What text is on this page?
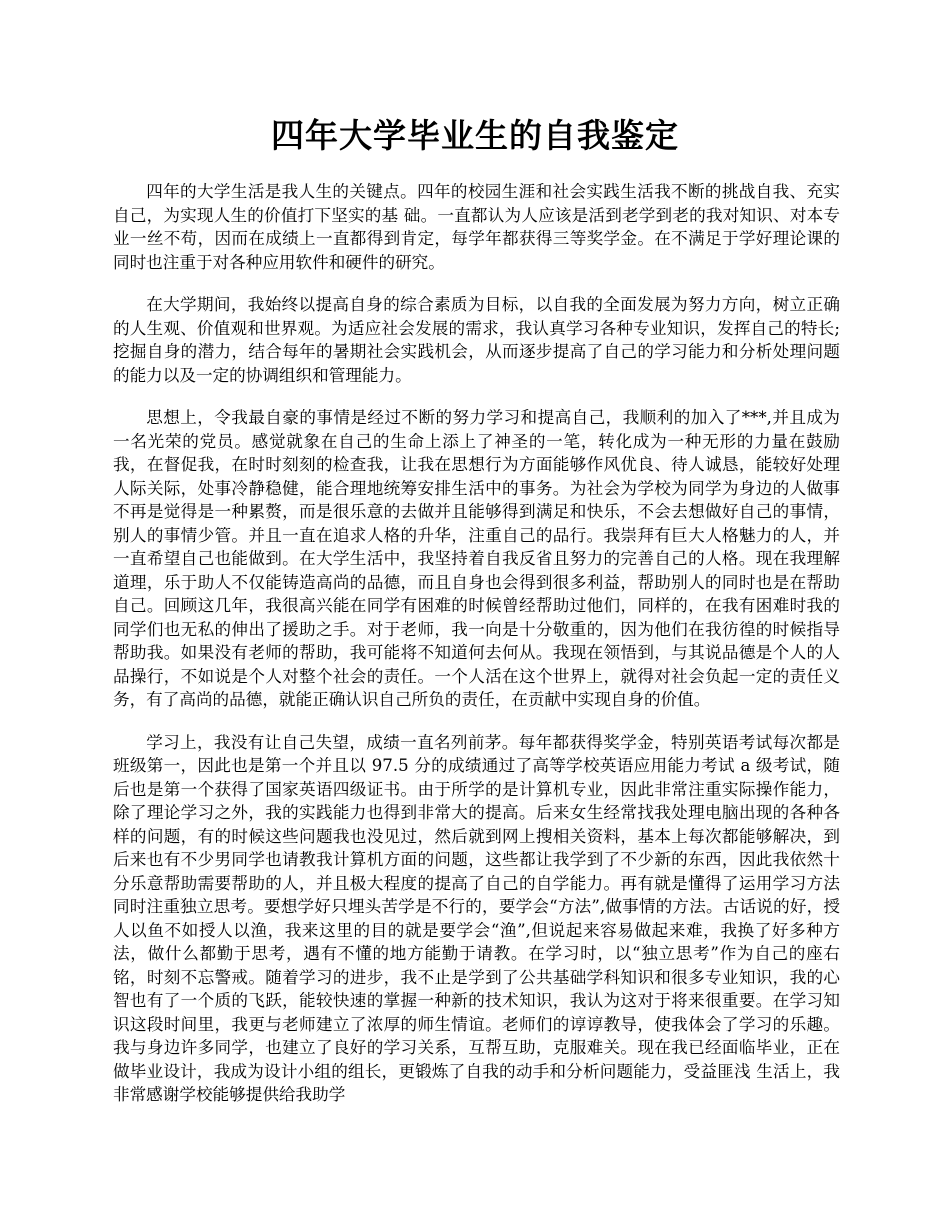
四年大学毕业生的自我鉴定

四年的大学生活是我人生的关键点。四年的校园生涯和社会实践生活我不断的挑战自我、充实自己，为实现人生的价值打下坚实的基 础。一直都认为人应该是活到老学到老的我对知识、对本专业一丝不苟，因而在成绩上一直都得到肯定，每学年都获得三等奖学金。在不满足于学好理论课的同时也注重于对各种应用软件和硬件的研究。

在大学期间，我始终以提高自身的综合素质为目标，以自我的全面发展为努力方向，树立正确的人生观、价值观和世界观。为适应社会发展的需求，我认真学习各种专业知识，发挥自己的特长;挖掘自身的潜力，结合每年的暑期社会实践机会，从而逐步提高了自己的学习能力和分析处理问题的能力以及一定的协调组织和管理能力。

思想上，令我最自豪的事情是经过不断的努力学习和提高自己，我顺利的加入了***,并且成为一名光荣的党员。感觉就象在自己的生命上添上了神圣的一笔，转化成为一种无形的力量在鼓励我，在督促我，在时时刻刻的检查我，让我在思想行为方面能够作风优良、待人诚恳，能较好处理人际关际，处事冷静稳健，能合理地统筹安排生活中的事务。为社会为学校为同学为身边的人做事不再是觉得是一种累赘，而是很乐意的去做并且能够得到满足和快乐，不会去想做好自己的事情，别人的事情少管。并且一直在追求人格的升华，注重自己的品行。我崇拜有巨大人格魅力的人，并一直希望自己也能做到。在大学生活中，我坚持着自我反省且努力的完善自己的人格。现在我理解道理，乐于助人不仅能铸造高尚的品德，而且自身也会得到很多利益，帮助别人的同时也是在帮助自己。回顾这几年，我很高兴能在同学有困难的时候曾经帮助过他们，同样的，在我有困难时我的同学们也无私的伸出了援助之手。对于老师，我一向是十分敬重的，因为他们在我彷徨的时候指导帮助我。如果没有老师的帮助，我可能将不知道何去何从。我现在领悟到，与其说品德是个人的人品操行，不如说是个人对整个社会的责任。一个人活在这个世界上，就得对社会负起一定的责任义务，有了高尚的品德，就能正确认识自己所负的责任，在贡献中实现自身的价值。

学习上，我没有让自己失望，成绩一直名列前茅。每年都获得奖学金，特别英语考试每次都是班级第一，因此也是第一个并且以 97.5 分的成绩通过了高等学校英语应用能力考试 a 级考试，随后也是第一个获得了国家英语四级证书。由于所学的是计算机专业，因此非常注重实际操作能力，除了理论学习之外，我的实践能力也得到非常大的提高。后来女生经常找我处理电脑出现的各种各样的问题，有的时候这些问题我也没见过，然后就到网上搜相关资料，基本上每次都能够解决，到后来也有不少男同学也请教我计算机方面的问题，这些都让我学到了不少新的东西，因此我依然十分乐意帮助需要帮助的人，并且极大程度的提高了自己的自学能力。再有就是懂得了运用学习方法同时注重独立思考。要想学好只埋头苦学是不行的，要学会“方法”,做事情的方法。古话说的好，授人以鱼不如授人以渔，我来这里的目的就是要学会“渔”,但说起来容易做起来难，我换了好多种方法，做什么都勤于思考，遇有不懂的地方能勤于请教。在学习时，以“独立思考”作为自己的座右铭，时刻不忘警戒。随着学习的进步，我不止是学到了公共基础学科知识和很多专业知识，我的心智也有了一个质的飞跃，能较快速的掌握一种新的技术知识，我认为这对于将来很重要。在学习知识这段时间里，我更与老师建立了浓厚的师生情谊。老师们的谆谆教导，使我体会了学习的乐趣。我与身边许多同学，也建立了良好的学习关系，互帮互助，克服难关。现在我已经面临毕业，正在做毕业设计，我成为设计小组的组长，更锻炼了自我的动手和分析问题能力，受益匪浅 生活上，我非常感谢学校能够提供给我助学
